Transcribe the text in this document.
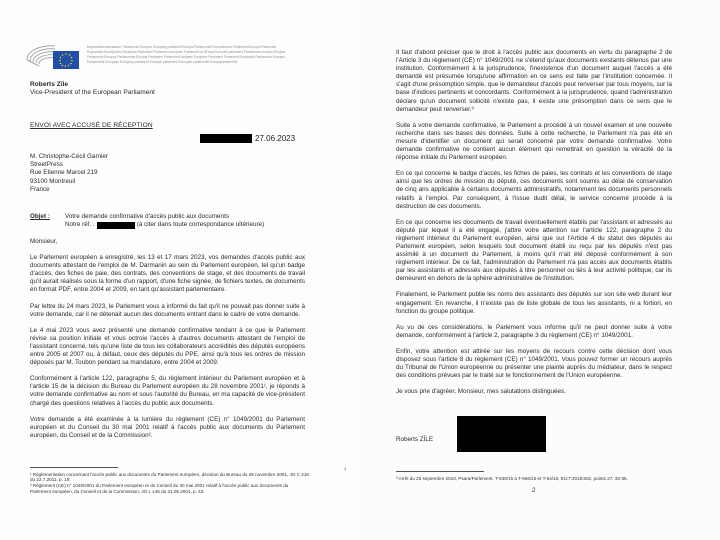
Европейски парламент Parlamento Europeo Evropský parlament Europa-Parlamentet Europäisches Parlament Euroopa Parlament Ευρωπαϊκό Κοινοβούλιο European Parliament Parlement européen Parlaimint na hEorpa Europski parlament Parlamento europeo Eiropas Parlaments Europos Parlamentas Európai Parlament Parlament Ewropew Europees Parlement Parlament Europejski Parlamento Europeu Parlamentul European Európsky parlament Evropski parlament Euroopan parlamentti Europaparlamentet
Roberts Zīle
Vice-President of the European Parliament
ENVOI AVEC ACCUSÉ DE RÉCEPTION
27.06.2023
M. Christophe-Cécil Garnier
StreetPress
Rue Etienne Marcel 219
93100 Montreuil
France
Objet :	Votre demande confirmative d'accès public aux documents
Notre réf. :	(à citer dans toute correspondance ultérieure)

Monsieur,

Le Parlement européen a enregistré, les 13 et 17 mars 2023, vos demandes d'accès public aux documents attestant de l'emploi de M. Darmanin au sein du Parlement européen, tel qu'un badge d'accès, des fiches de paie, des contrats, des conventions de stage, et des documents de travail qu'il aurait réalisés sous la forme d'un rapport, d'une fiche signée, de fichiers textes, de documents en format PDF, entre 2004 et 2009, en tant qu'assistant parlementaire.

Par lettre du 24 mars 2023, le Parlement vous a informé du fait qu'il ne pouvait pas donner suite à votre demande, car il ne détenait aucun des documents entrant dans le cadre de votre demande.

Le 4 mai 2023 vous avez présenté une demande confirmative tendant à ce que le Parlement révise sa position initiale et vous octroie l'accès à d'autres documents attestant de l'emploi de l'assistant concerné, tels qu'une liste de tous les collaborateurs accrédités des députés européens entre 2005 et 2007 ou, à défaut, ceux des députés du PPE, ainsi qu'à tous les ordres de mission déposés par M. Toubon pendant sa mandature, entre 2004 et 2009.

Conformément à l'article 122, paragraphe 5, du règlement intérieur du Parlement européen et à l'article 15 de la décision du Bureau du Parlement européen du 28 novembre 2001¹, je réponds à votre demande confirmative au nom et sous l'autorité du Bureau, en ma capacité de vice-président chargé des questions relatives à l'accès du public aux documents.

Votre demande a été examinée à la lumière du règlement (CE) n° 1049/2001 du Parlement européen et du Conseil du 30 mai 2001 relatif à l'accès public aux documents du Parlement européen, du Conseil et de la Commission².

¹ Réglementation concernant l'accès public aux documents du Parlement européen, décision du Bureau du 28 novembre 2001, JO C 216 du 22.7.2011, p. 19.
² Règlement (CE) n° 1049/2001 du Parlement européen et du Conseil du 30 mai 2001 relatif à l'accès public aux documents du Parlement européen, du Conseil et de la Commission, JO L 145 du 31.05.2001, p. 43.
1

Il faut d'abord préciser que le droit à l'accès public aux documents en vertu du paragraphe 2 de l'Article 3 du règlement (CE) n° 1049/2001 ne s'étend qu'aux documents existants détenus par une institution. Conformément à la jurisprudence, l'inexistence d'un document auquel l'accès a été demandé est présumée lorsqu'une affirmation en ce sens est faite par l'institution concernée. Il s'agit d'une présomption simple, que le demandeur d'accès peut renverser par tous moyens, sur la base d'indices pertinents et concordants. Conformément à la jurisprudence, quand l'administration déclare qu'un document sollicité n'existe pas, il existe une présomption dans ce sens que le demandeur peut renverser.³

Suite à votre demande confirmative, le Parlement a procédé à un nouvel examen et une nouvelle recherche dans ses bases des données. Suite à cette recherche, le Parlement n'a pas été en mesure d'identifier un document qui serait concerné par votre demande confirmative. Votre demande confirmative ne contient aucun élément qui remettrait en question la véracité de la réponse initiale du Parlement européen.

En ce qui concerne le badge d'accès, les fiches de paies, les contrats et les conventions de stage ainsi que les ordres de mission du député, ces documents sont soumis au délai de conservation de cinq ans applicable à certains documents administratifs, notamment les documents personnels relatifs à l'emploi. Par conséquent, à l'issue dudit délai, le service concerné procède à la destruction de ces documents.

En ce qui concerne les documents de travail éventuellement établis par l'assistant et adressés au député par lequel il a été engagé, j'attire votre attention sur l'article 122, paragraphe 2 du règlement intérieur du Parlement européen, ainsi que sur l'Article 4 du statut des députés au Parlement européen, selon lesquels tout document établi ou reçu par les députés n'est pas assimilé à un document du Parlement, à moins qu'il n'ait été déposé conformément à son règlement intérieur. De ce fait, l'administration du Parlement n'a pas accès aux documents établis par les assistants et adressés aux députés à titre personnel ou liés à leur activité politique, car ils demeurent en dehors de la sphère administrative de l'institution.

Finalement, le Parlement publie les noms des assistants des députés sur son site web durant leur engagement. En revanche, il n'existe pas de liste globale de tous les assistants, ni a fortiori, en fonction du groupe politique.

Au vu de ces considérations, le Parlement vous informe qu'il ne peut donner suite à votre demande, conformément à l'article 2, paragraphe 3 du règlement (CE) n° 1049/2001.

Enfin, votre attention est attirée sur les moyens de recours contre cette décision dont vous disposez sous l'article 8 du règlement (CE) n° 1049/2001. Vous pouvez former un recours auprès du Tribunal de l'Union européenne ou présenter une plainte auprès du médiateur, dans le respect des conditions prévues par le traité sur le fonctionnement de l'Union européenne.

Je vous prie d'agréer, Monsieur, mes salutations distinguées.

Roberts ZĪLE
³ Arrêt du 25 septembre 2018, Psara/Parlement, T-639/15 à T-666/15 et T-94/16, EU:T:2018:602, points 27, 33-35.
2
